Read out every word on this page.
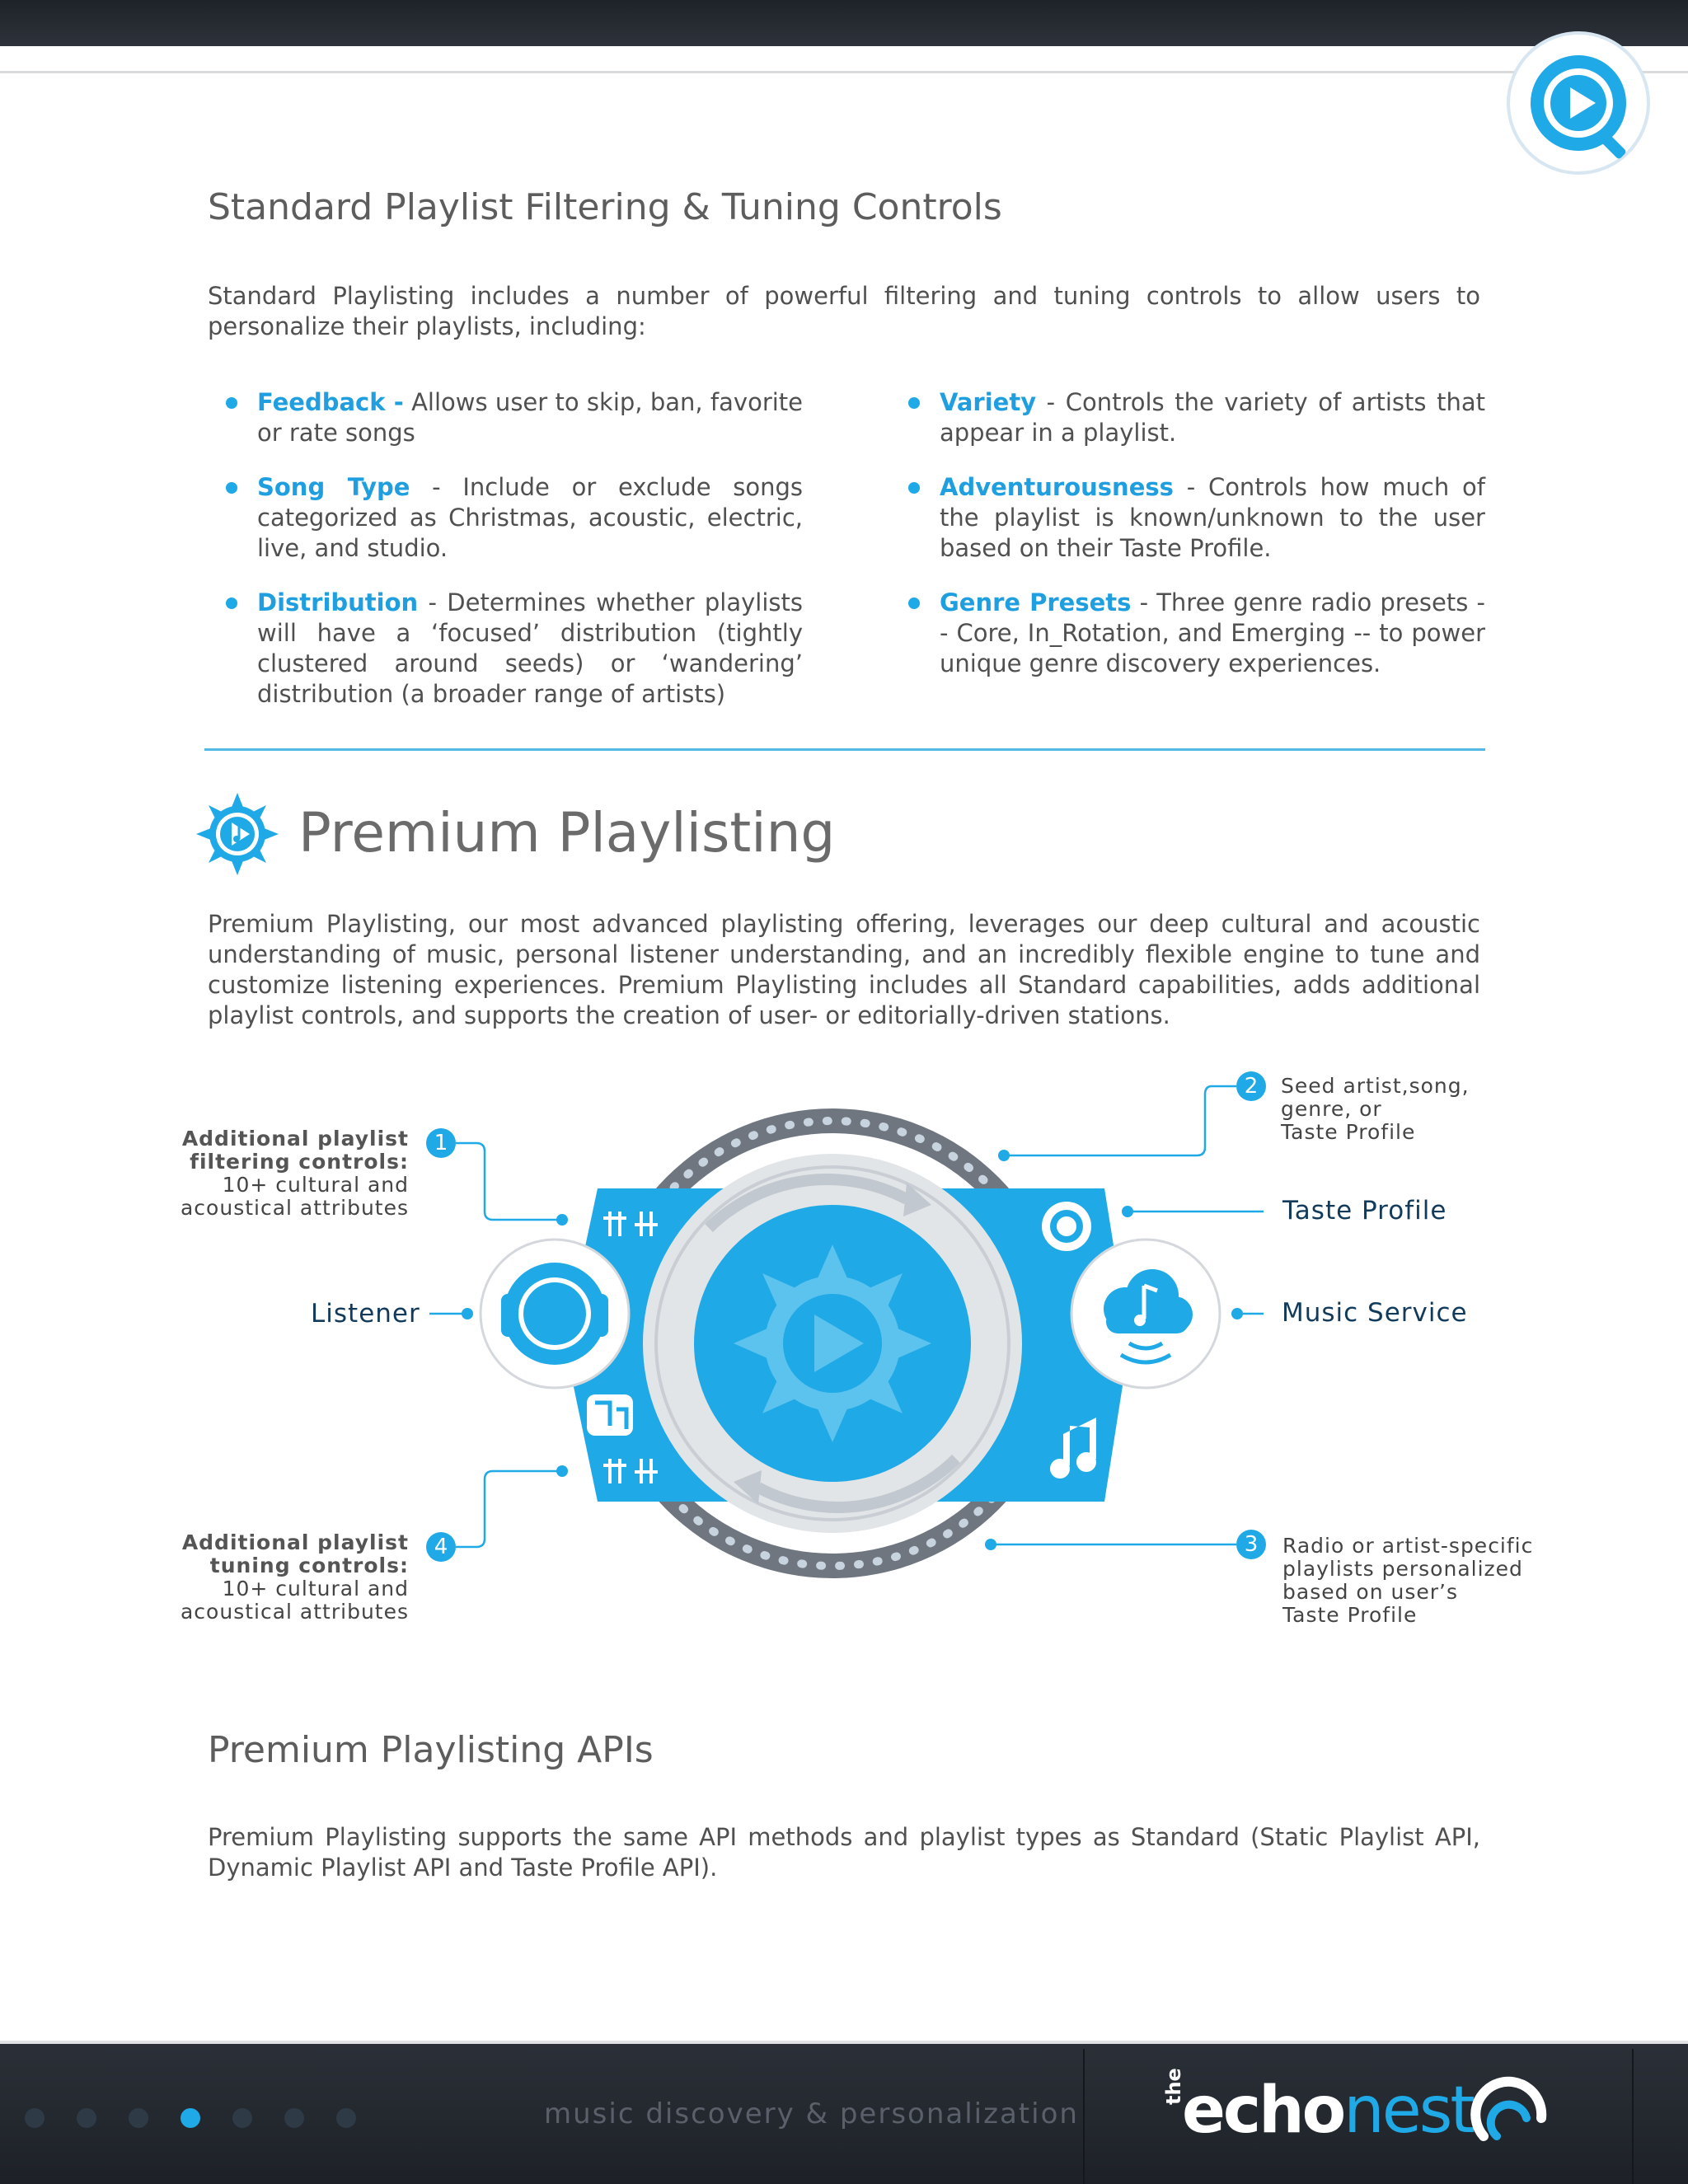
Standard Playlist Filtering & Tuning Controls
Standard Playlisting includes a number of powerful filtering and tuning controls to allow users to personalize their playlists, including:
Feedback - Allows user to skip, ban, favorite or rate songs
Song Type - Include or exclude songs categorized as Christmas, acoustic, electric, live, and studio.
Distribution - Determines whether playlists will have a ‘focused’ distribution (tightly clustered around seeds) or ‘wandering’ distribution (a broader range of artists)
Variety - Controls the variety of artists that appear in a playlist.
Adventurousness - Controls how much of the playlist is known/unknown to the user based on their Taste Profile.
Genre Presets - Three genre radio presets -- Core, In_Rotation, and Emerging -- to power unique genre discovery experiences.
Premium Playlisting
Premium Playlisting, our most advanced playlisting offering, leverages our deep cultural and acoustic understanding of music, personal listener understanding, and an incredibly flexible engine to tune and customize listening experiences. Premium Playlisting includes all Standard capabilities, adds additional playlist controls, and supports the creation of user- or editorially-driven stations.
1
2
3
4
Additional playlist
filtering controls:
10+ cultural and
acoustical attributes
Seed artist,song,
genre, or
Taste Profile
Radio or artist-specific
playlists personalized
based on user’s
Taste Profile
Additional playlist
tuning controls:
10+ cultural and
acoustical attributes
Listener
Taste Profile
Music Service
Premium Playlisting APIs
Premium Playlisting supports the same API methods and playlist types as Standard (Static Playlist API, Dynamic Playlist API and Taste Profile API).
music discovery & personalization
the
echonest
